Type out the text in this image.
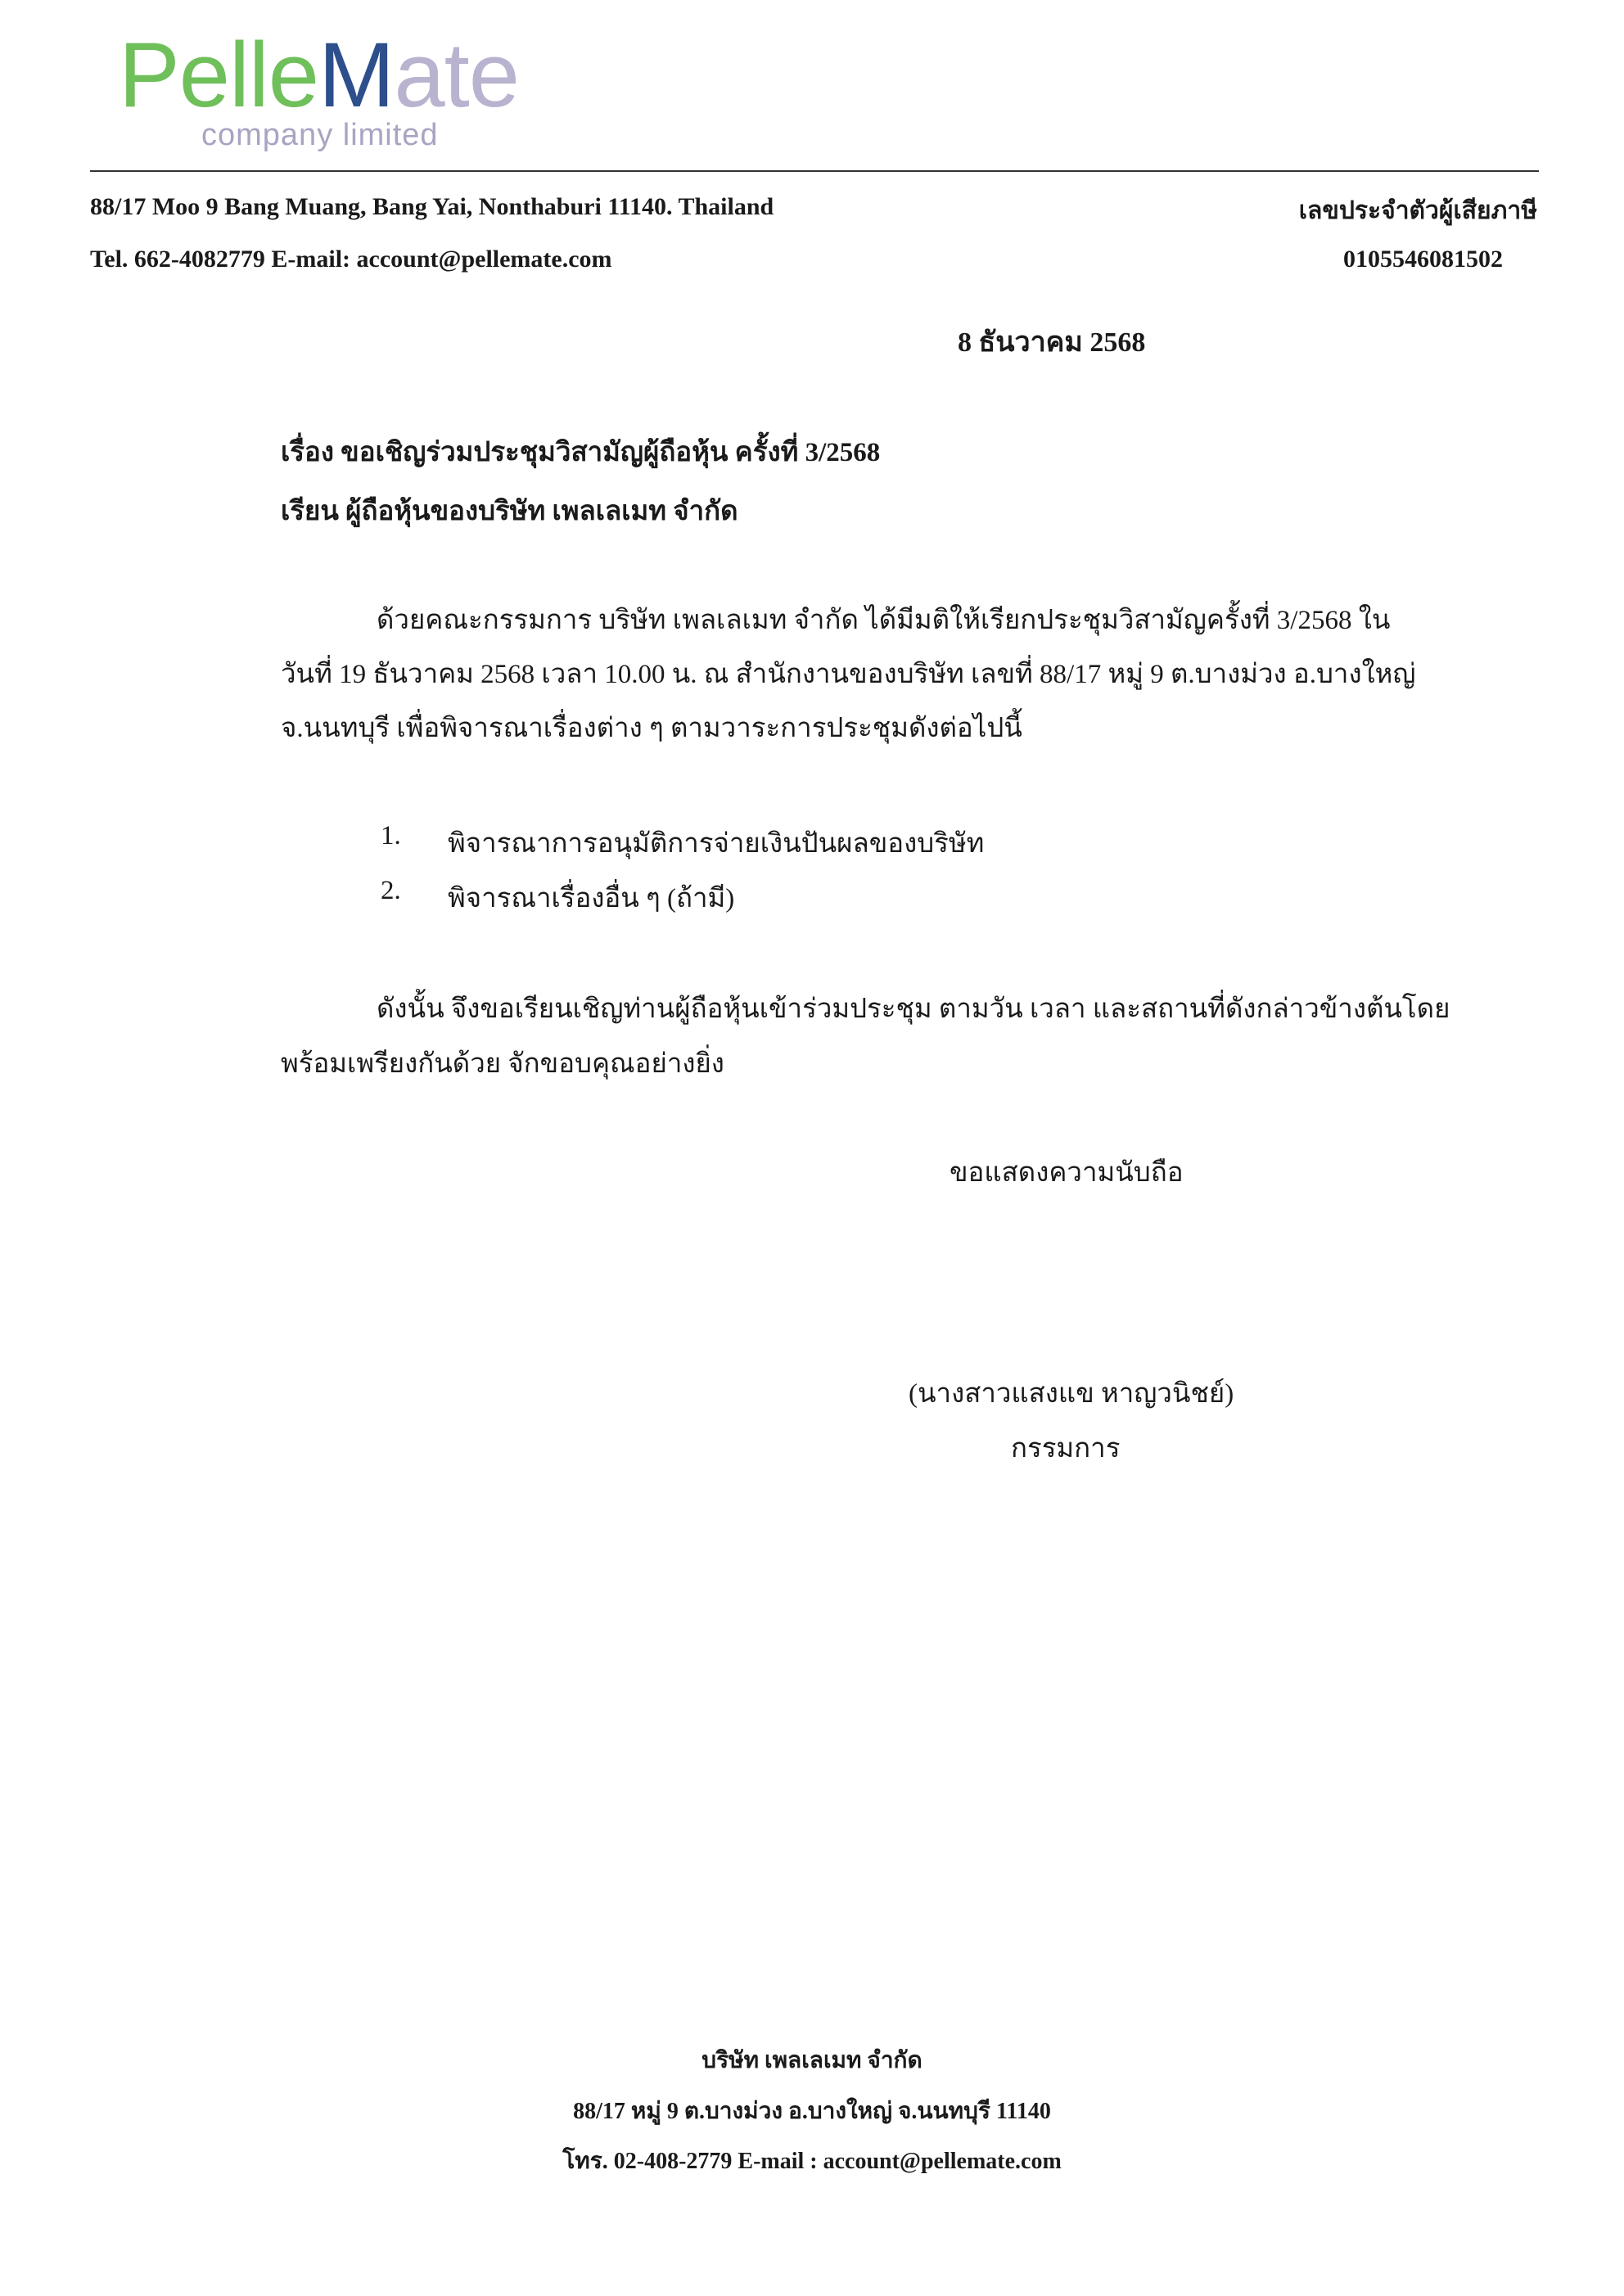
PelleMate
company limited
88/17 Moo 9 Bang Muang, Bang Yai, Nonthaburi 11140. Thailand
Tel. 662-4082779 E-mail: account@pellemate.com
เลขประจำตัวผู้เสียภาษี
0105546081502
8 ธันวาคม 2568
เรื่อง ขอเชิญร่วมประชุมวิสามัญผู้ถือหุ้น ครั้งที่ 3/2568
เรียน ผู้ถือหุ้นของบริษัท เพลเลเมท จำกัด
ด้วยคณะกรรมการ บริษัท เพลเลเมท จำกัด ได้มีมติให้เรียกประชุมวิสามัญครั้งที่ 3/2568 ใน
วันที่ 19 ธันวาคม 2568 เวลา 10.00 น. ณ สำนักงานของบริษัท เลขที่ 88/17 หมู่ 9 ต.บางม่วง อ.บางใหญ่
จ.นนทบุรี เพื่อพิจารณาเรื่องต่าง ๆ ตามวาระการประชุมดังต่อไปนี้
1. พิจารณาการอนุมัติการจ่ายเงินปันผลของบริษัท
2. พิจารณาเรื่องอื่น ๆ (ถ้ามี)
ดังนั้น จึงขอเรียนเชิญท่านผู้ถือหุ้นเข้าร่วมประชุม ตามวัน เวลา และสถานที่ดังกล่าวข้างต้นโดย
พร้อมเพรียงกันด้วย จักขอบคุณอย่างยิ่ง
ขอแสดงความนับถือ
(นางสาวแสงแข หาญวนิชย์)
กรรมการ
บริษัท เพลเลเมท จำกัด
88/17 หมู่ 9 ต.บางม่วง อ.บางใหญ่ จ.นนทบุรี 11140
โทร. 02-408-2779 E-mail : account@pellemate.com
